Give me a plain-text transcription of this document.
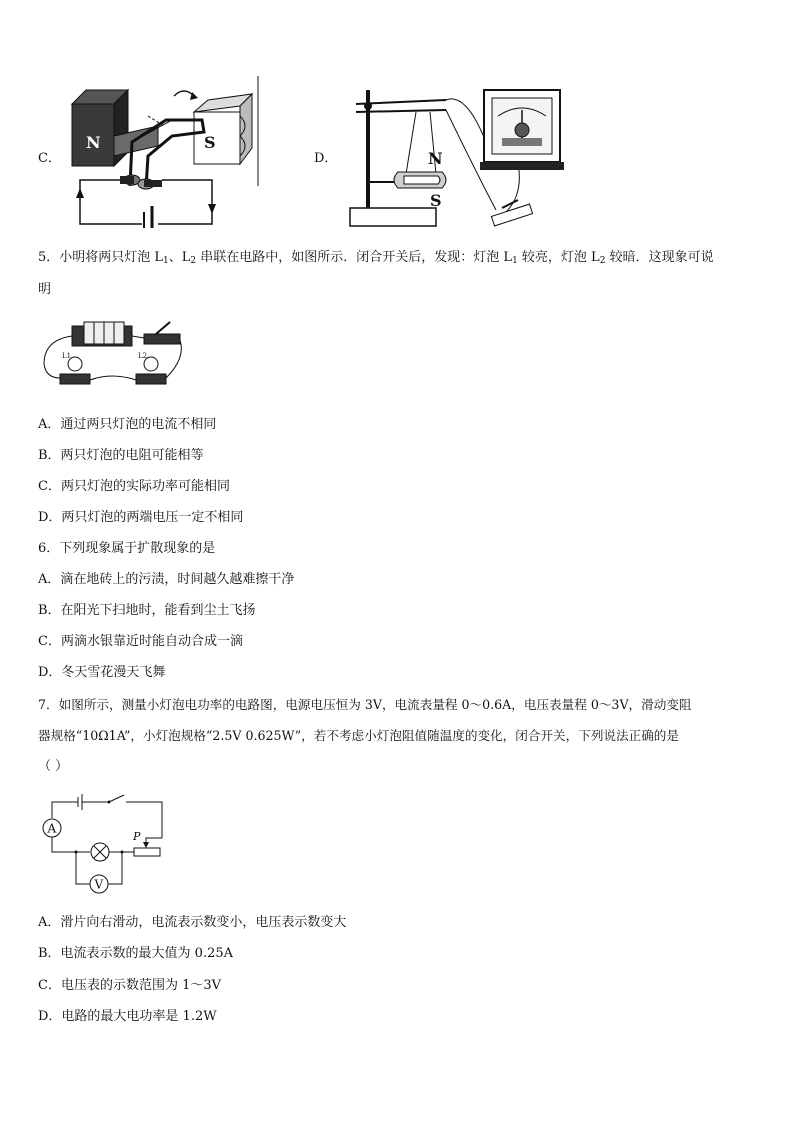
C．
N	S
D．	N
S
5．小明将两只灯泡 $L_1$、$L_2$ 串联在电路中，如图所示．闭合开关后，发现：灯泡 $L_1$ 较亮，灯泡 $L_2$ 较暗．这现象可说
明
L1	L2
A．通过两只灯泡的电流不相同
B．两只灯泡的电阻可能相等
C．两只灯泡的实际功率可能相同
D．两只灯泡的两端电压一定不相同
6．下列现象属于扩散现象的是
A．滴在地砖上的污渍，时间越久越难擦干净
B．在阳光下扫地时，能看到尘土飞扬
C．两滴水银靠近时能自动合成一滴
D．冬天雪花漫天飞舞
7．如图所示，测量小灯泡电功率的电路图，电源电压恒为 3V，电流表量程 0～0.6A，电压表量程 0～3V，滑动变阻
器规格“10Ω1A”，小灯泡规格“2.5V 0.625W”，若不考虑小灯泡阻值随温度的变化，闭合开关，下列说法正确的是
（ ）
A
P
V
A．滑片向右滑动，电流表示数变小，电压表示数变大
B．电流表示数的最大值为 0.25A
C．电压表的示数范围为 1～3V
D．电路的最大电功率是 1.2W
